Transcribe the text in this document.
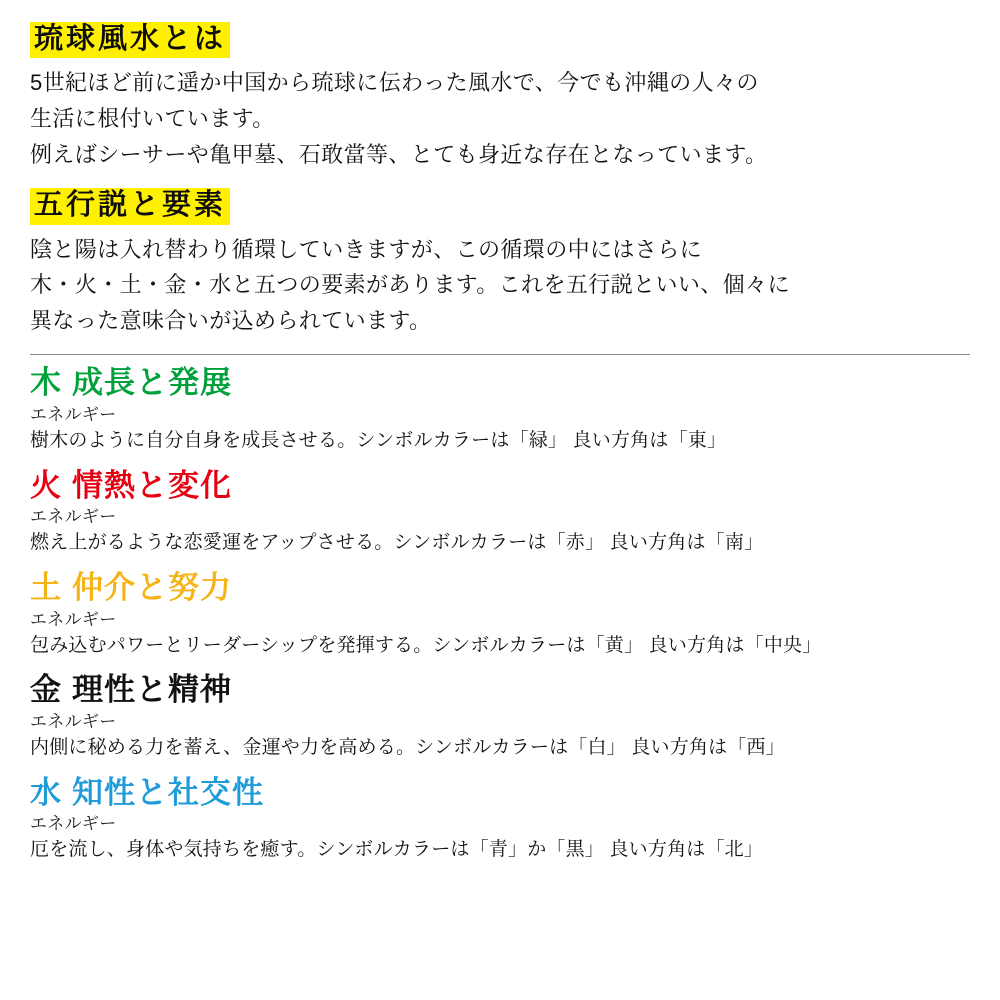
琉球風水とは

5世紀ほど前に遥か中国から琉球に伝わった風水で、今でも沖縄の人々の

生活に根付いています。

例えばシーサーや亀甲墓、石敢當等、とても身近な存在となっています。

五行説と要素

陰と陽は入れ替わり循環していきますが、この循環の中にはさらに

木・火・土・金・水と五つの要素があります。これを五行説といい、個々に

異なった意味合いが込められています。

木 成長と発展

エネルギー

樹木のように自分自身を成長させる。シンボルカラーは「緑」 良い方角は「東」

火 情熱と変化

エネルギー

燃え上がるような恋愛運をアップさせる。シンボルカラーは「赤」 良い方角は「南」

土 仲介と努力

エネルギー

包み込むパワーとリーダーシップを発揮する。シンボルカラーは「黄」 良い方角は「中央」

金 理性と精神

エネルギー

内側に秘める力を蓄え、金運や力を高める。シンボルカラーは「白」 良い方角は「西」

水 知性と社交性

エネルギー

厄を流し、身体や気持ちを癒す。シンボルカラーは「青」か「黒」 良い方角は「北」
